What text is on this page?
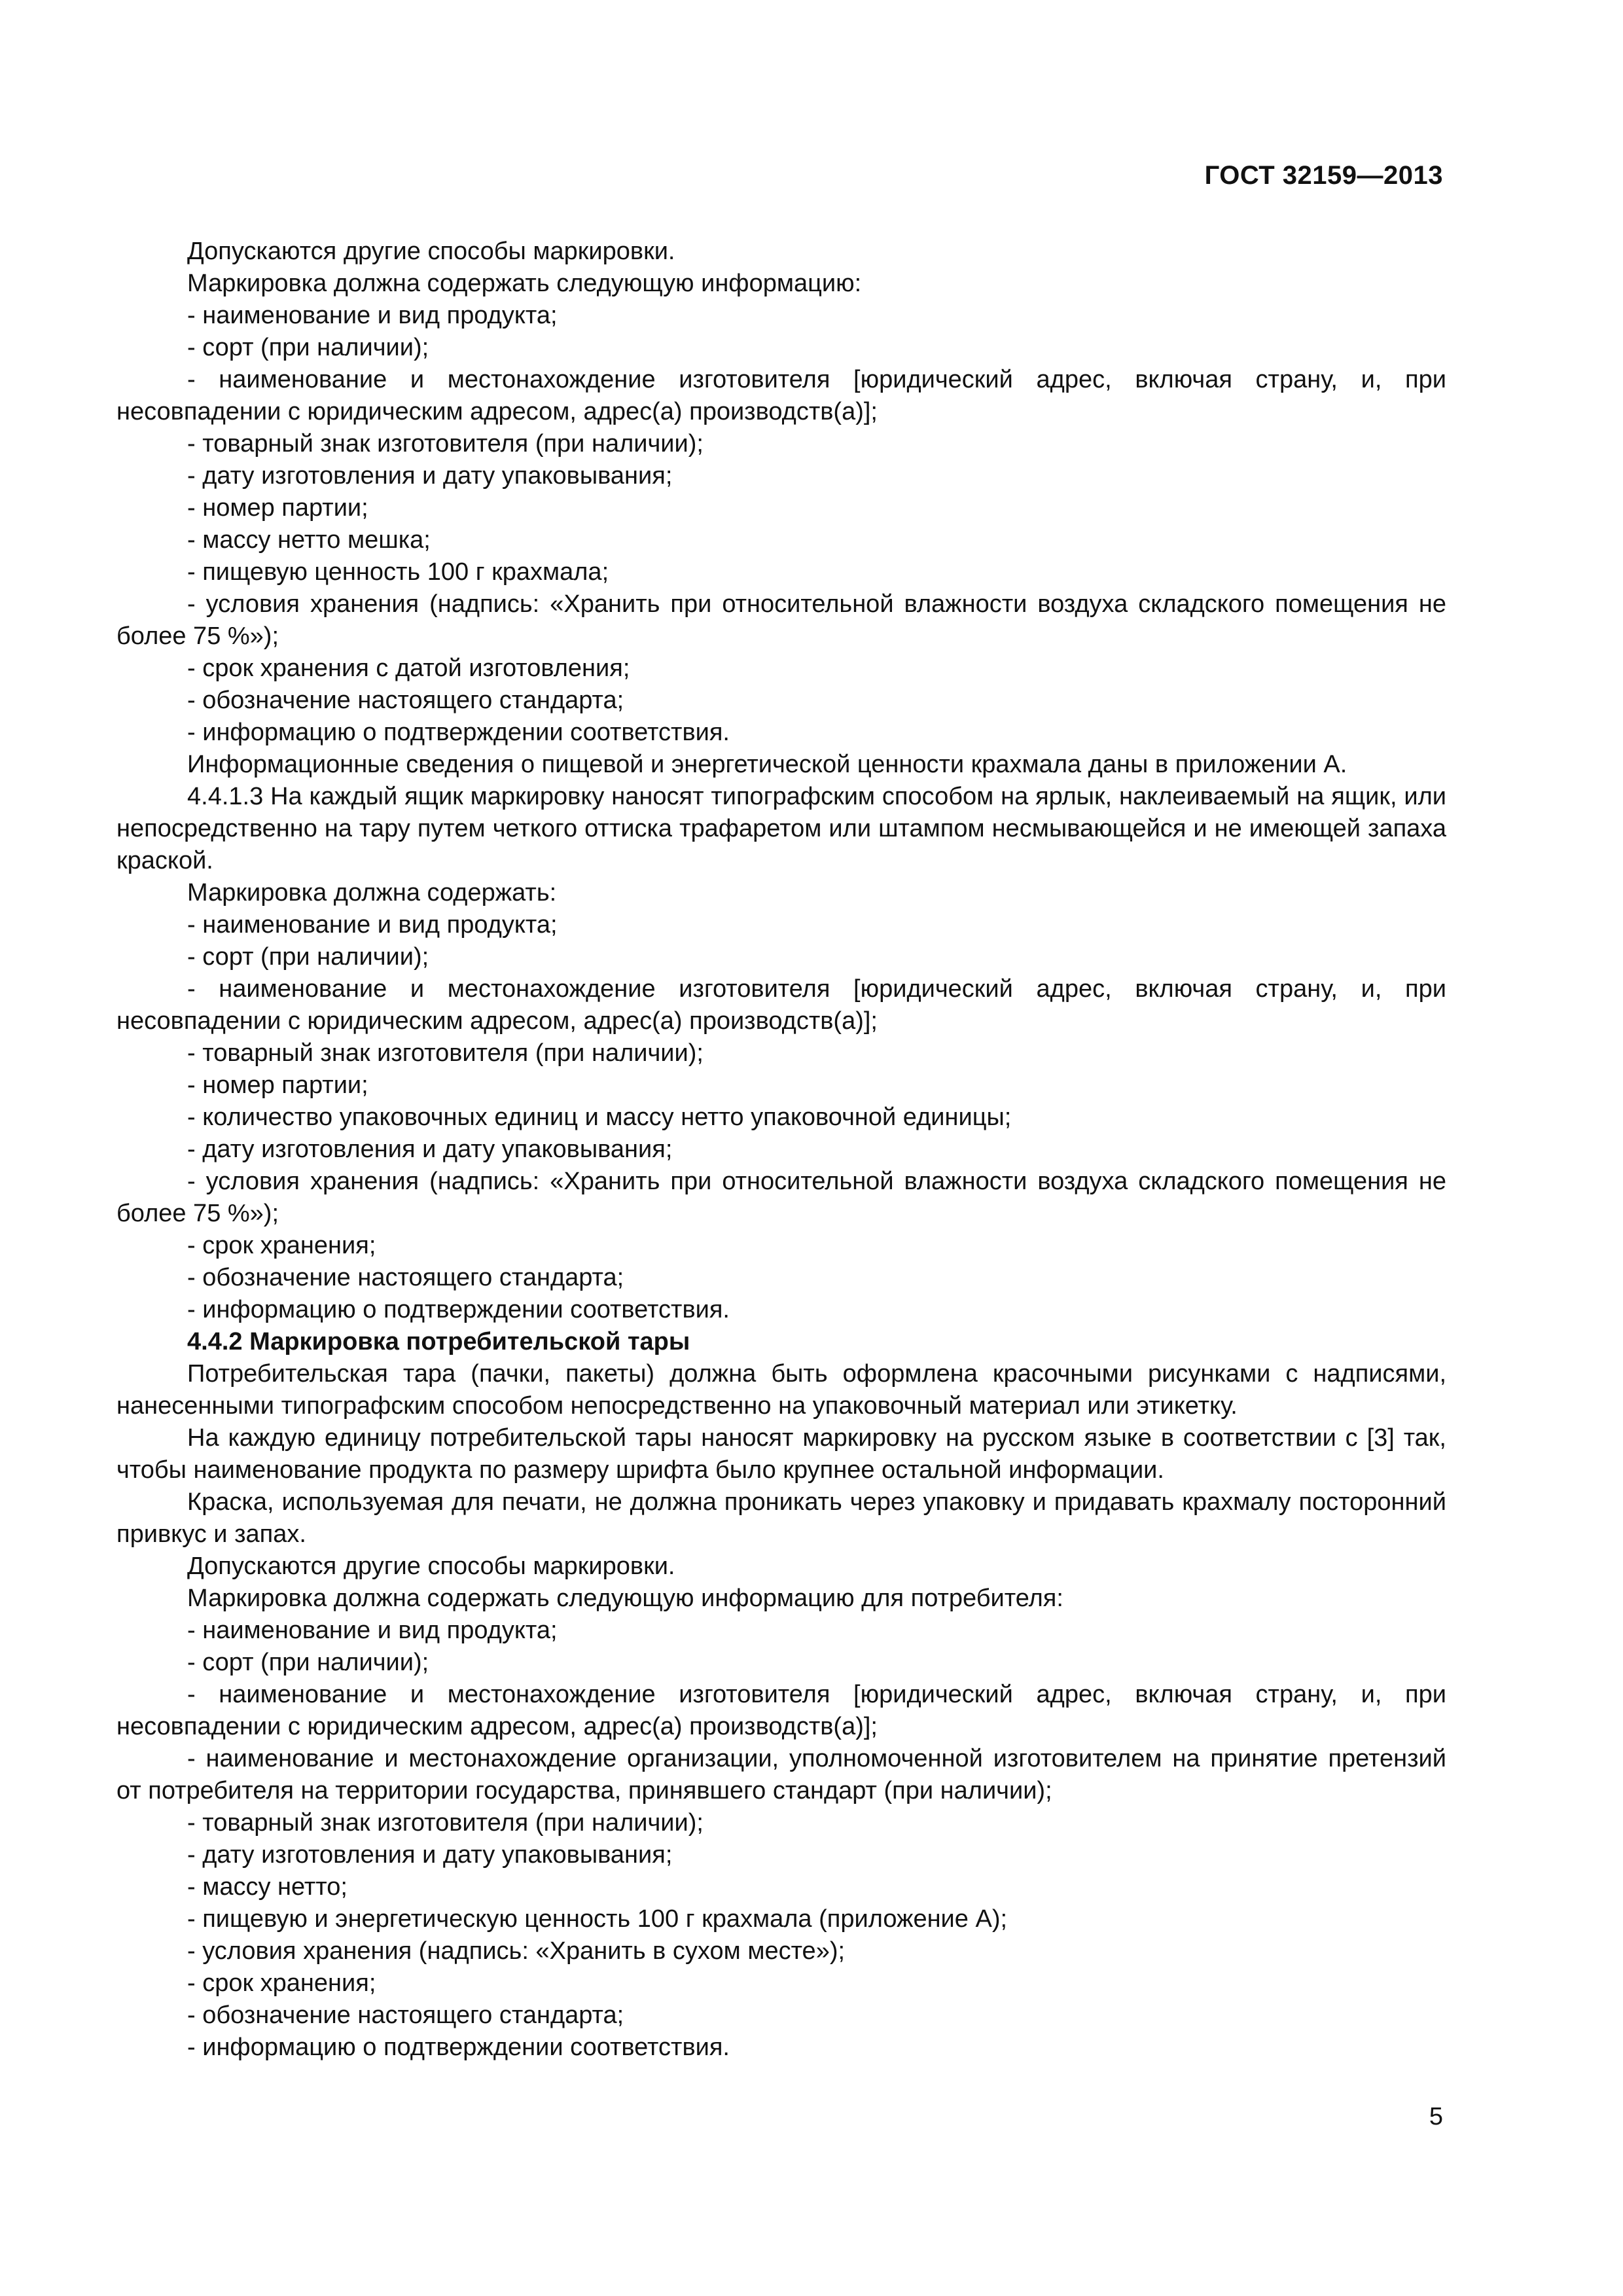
ГОСТ 32159—2013

Допускаются другие способы маркировки.

Маркировка должна содержать следующую информацию:

- наименование и вид продукта;

- сорт (при наличии);

- наименование и местонахождение изготовителя [юридический адрес, включая страну, и, при несовпадении с юридическим адресом, адрес(а) производств(а)];

- товарный знак изготовителя (при наличии);

- дату изготовления и дату упаковывания;

- номер партии;

- массу нетто мешка;

- пищевую ценность 100 г крахмала;

- условия хранения (надпись: «Хранить при относительной влажности воздуха складского помещения не более 75 %»);

- срок хранения с датой изготовления;

- обозначение настоящего стандарта;

- информацию о подтверждении соответствия.

Информационные сведения о пищевой и энергетической ценности крахмала даны в приложении А.

4.4.1.3 На каждый ящик маркировку наносят типографским способом на ярлык, наклеиваемый на ящик, или непосредственно на тару путем четкого оттиска трафаретом или штампом несмывающейся и не имеющей запаха краской.

Маркировка должна содержать:

- наименование и вид продукта;

- сорт (при наличии);

- наименование и местонахождение изготовителя [юридический адрес, включая страну, и, при несовпадении с юридическим адресом, адрес(а) производств(а)];

- товарный знак изготовителя (при наличии);

- номер партии;

- количество упаковочных единиц и массу нетто упаковочной единицы;

- дату изготовления и дату упаковывания;

- условия хранения (надпись: «Хранить при относительной влажности воздуха складского помещения не более 75 %»);

- срок хранения;

- обозначение настоящего стандарта;

- информацию о подтверждении соответствия.

4.4.2 Маркировка потребительской тары

Потребительская тара (пачки, пакеты) должна быть оформлена красочными рисунками с надписями, нанесенными типографским способом непосредственно на упаковочный материал или этикетку.

На каждую единицу потребительской тары наносят маркировку на русском языке в соответствии с [3] так, чтобы наименование продукта по размеру шрифта было крупнее остальной информации.

Краска, используемая для печати, не должна проникать через упаковку и придавать крахмалу посторонний привкус и запах.

Допускаются другие способы маркировки.

Маркировка должна содержать следующую информацию для потребителя:

- наименование и вид продукта;

- сорт (при наличии);

- наименование и местонахождение изготовителя [юридический адрес, включая страну, и, при несовпадении с юридическим адресом, адрес(а) производств(а)];

- наименование и местонахождение организации, уполномоченной изготовителем на принятие претензий от потребителя на территории государства, принявшего стандарт (при наличии);

- товарный знак изготовителя (при наличии);

- дату изготовления и дату упаковывания;

- массу нетто;

- пищевую и энергетическую ценность 100 г крахмала (приложение А);

- условия хранения (надпись: «Хранить в сухом месте»);

- срок хранения;

- обозначение настоящего стандарта;

- информацию о подтверждении соответствия.

5
